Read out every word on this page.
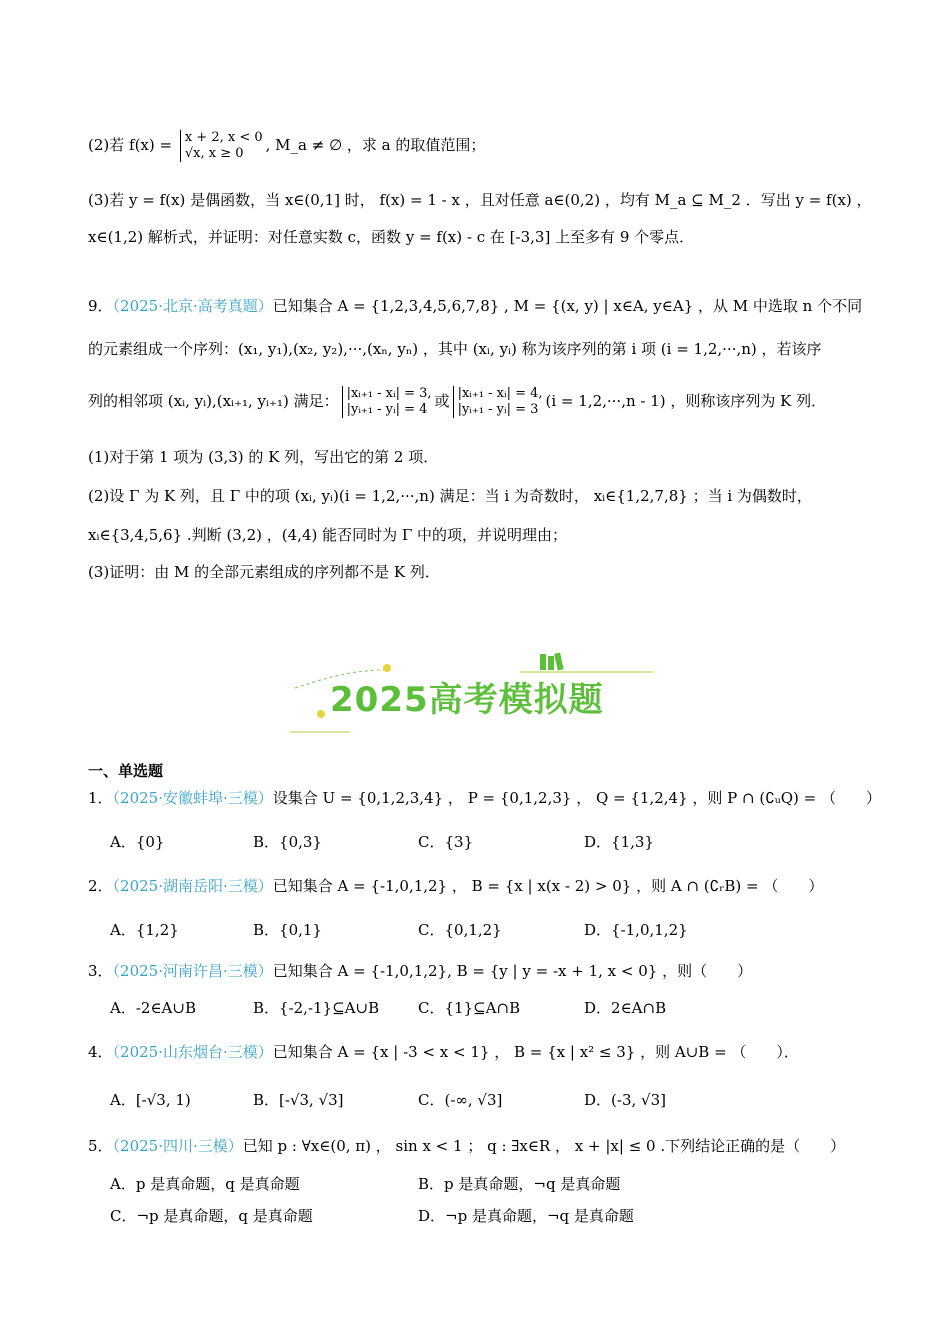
(2)若 f(x) = x + 2, x < 0
√x, x ≥ 0 , M_a ≠ ∅ ，求 a 的取值范围；
(3)若 y = f(x) 是偶函数，当 x∈(0,1] 时， f(x) = 1 - x ，且对任意 a∈(0,2) ，均有 M_a ⊆ M_2 ．写出 y = f(x) ，
x∈(1,2) 解析式，并证明：对任意实数 c，函数 y = f(x) - c 在 [-3,3] 上至多有 9 个零点．
9．（2025·北京·高考真题）已知集合 A = {1,2,3,4,5,6,7,8} , M = {(x, y) | x∈A, y∈A} ，从 M 中选取 n 个不同
的元素组成一个序列：(x₁, y₁),(x₂, y₂),···,(xₙ, yₙ) ，其中 (xᵢ, yᵢ) 称为该序列的第 i 项 (i = 1,2,···,n) ，若该序
列的相邻项 (xᵢ, yᵢ),(xᵢ₊₁, yᵢ₊₁) 满足： |xᵢ₊₁ - xᵢ| = 3,
|yᵢ₊₁ - yᵢ| = 4 或 |xᵢ₊₁ - xᵢ| = 4,
|yᵢ₊₁ - yᵢ| = 3 (i = 1,2,···,n - 1) ，则称该序列为 K 列．
(1)对于第 1 项为 (3,3) 的 K 列，写出它的第 2 项．
(2)设 Γ 为 K 列，且 Γ 中的项 (xᵢ, yᵢ)(i = 1,2,···,n) 满足：当 i 为奇数时， xᵢ∈{1,2,7,8} ；当 i 为偶数时，
xᵢ∈{3,4,5,6} .判断 (3,2) ，(4,4) 能否同时为 Γ 中的项，并说明理由；
(3)证明：由 M 的全部元素组成的序列都不是 K 列．
2025高考模拟题
一、单选题
1．（2025·安徽蚌埠·三模）设集合 U = {0,1,2,3,4} ， P = {0,1,2,3} ， Q = {1,2,4} ，则 P ∩ (∁ᵤQ) = （　　）
A．{0}	B．{0,3}	C．{3}	D．{1,3}
2．（2025·湖南岳阳·三模）已知集合 A = {-1,0,1,2} ， B = {x | x(x - 2) > 0} ，则 A ∩ (∁ᵣB) = （　　）
A．{1,2}	B．{0,1}	C．{0,1,2}	D．{-1,0,1,2}
3．（2025·河南许昌·三模）已知集合 A = {-1,0,1,2}, B = {y | y = -x + 1, x < 0} ，则（　　）
A．-2∈A∪B	B．{-2,-1}⊆A∪B	C．{1}⊆A∩B	D．2∈A∩B
4．（2025·山东烟台·三模）已知集合 A = {x | -3 < x < 1} ， B = {x | x² ≤ 3} ，则 A∪B = （　　）．
A．[-√3, 1)	B．[-√3, √3]	C．(-∞, √3]	D．(-3, √3]
5．（2025·四川·三模）已知 p : ∀x∈(0, π) ， sin x < 1 ； q : ∃x∈R ， x + |x| ≤ 0 .下列结论正确的是（　　）
A．p 是真命题，q 是真命题	B．p 是真命题，¬q 是真命题
C．¬p 是真命题，q 是真命题	D．¬p 是真命题，¬q 是真命题
